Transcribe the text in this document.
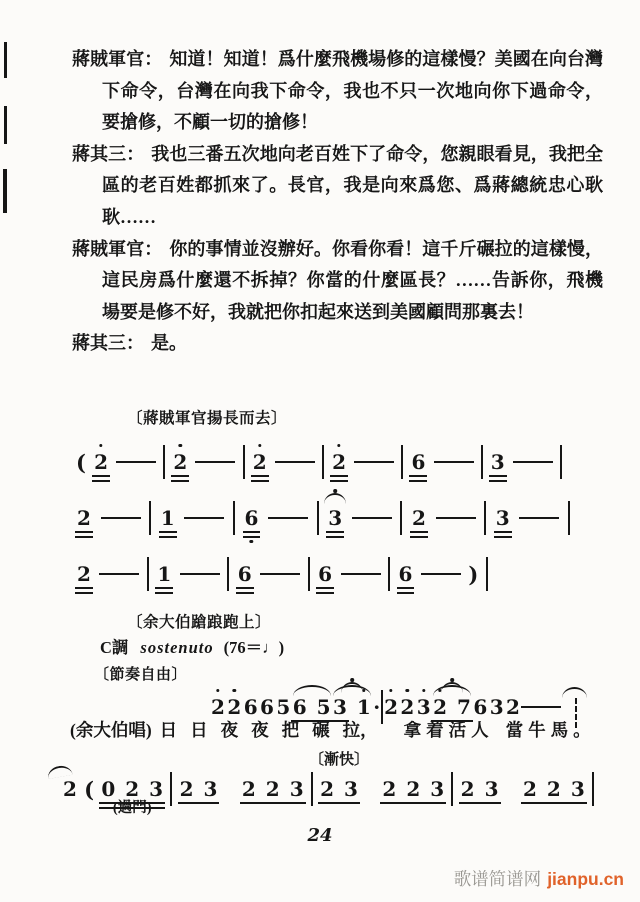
蔣賊軍官： 知道！知道！爲什麼飛機場修的這樣慢？美國在向台灣下命令，台灣在向我下命令，我也不只一次地向你下過命令，要搶修，不顧一切的搶修！

蔣其三： 我也三番五次地向老百姓下了命令，您親眼看見，我把全區的老百姓都抓來了。長官，我是向來爲您、爲蔣總統忠心耿耿……

蔣賊軍官： 你的事情並沒辦好。你看你看！這千斤碾拉的這樣慢，這民房爲什麼還不拆掉？你當的什麼區長？……告訴你，飛機場要是修不好，我就把你扣起來送到美國顧問那裏去！

蔣其三： 是。

〔蔣賊軍官揚長而去〕
( 2	2	2	2	6	3
2	1	6	3	2	3
2	1	6	6	6	)
〔余大伯蹌踉跑上〕
C調 sostenuto (76＝♩)
〔節奏自由〕
2 2 6 6 5 6 5 3 1 · 2 2 3 2 7 6 3 2
(余大伯唱) 日日夜夜把碾 拉， 拿着活人 當牛馬。
2 ( 0 2 3
(過門)
2 3 2 2 3 2 3
〔漸快〕
2 2 3 2 3 2 2 3
24
歌谱简谱网 jianpu.cn
